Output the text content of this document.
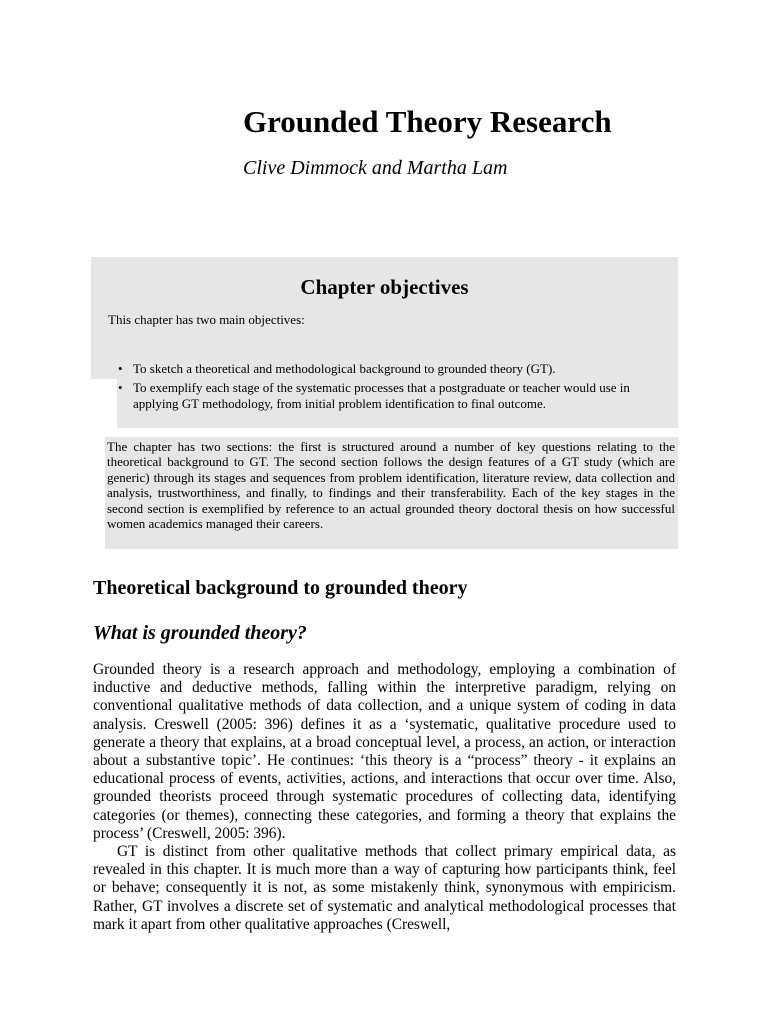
Grounded Theory Research
Clive Dimmock and Martha Lam
Chapter objectives

This chapter has two main objectives:

• To sketch a theoretical and methodological background to grounded theory (GT).
• To exemplify each stage of the systematic processes that a postgraduate or teacher would use in applying GT methodology, from initial problem identification to final outcome.

The chapter has two sections: the first is structured around a number of key questions relating to the theoretical background to GT. The second section follows the design features of a GT study (which are generic) through its stages and sequences from problem identification, literature review, data collection and analysis, trustworthiness, and finally, to findings and their transferability. Each of the key stages in the second section is exemplified by reference to an actual grounded theory doctoral thesis on how successful women academics managed their careers.

Theoretical background to grounded theory
What is grounded theory?

Grounded theory is a research approach and methodology, employing a combination of inductive and deductive methods, falling within the interpretive paradigm, relying on conventional qualitative methods of data collection, and a unique system of coding in data analysis. Creswell (2005: 396) defines it as a ‘systematic, qualitative procedure used to generate a theory that explains, at a broad conceptual level, a process, an action, or interaction about a substantive topic’. He continues: ‘this theory is a “process” theory - it explains an educational process of events, activities, actions, and interactions that occur over time. Also, grounded theorists proceed through systematic procedures of collecting data, identifying categories (or themes), connecting these categories, and forming a theory that explains the process’ (Creswell, 2005: 396).

GT is distinct from other qualitative methods that collect primary empirical data, as revealed in this chapter. It is much more than a way of capturing how participants think, feel or behave; consequently it is not, as some mistakenly think, synonymous with empiricism. Rather, GT involves a discrete set of systematic and analytical methodological processes that mark it apart from other qualitative approaches (Creswell,
